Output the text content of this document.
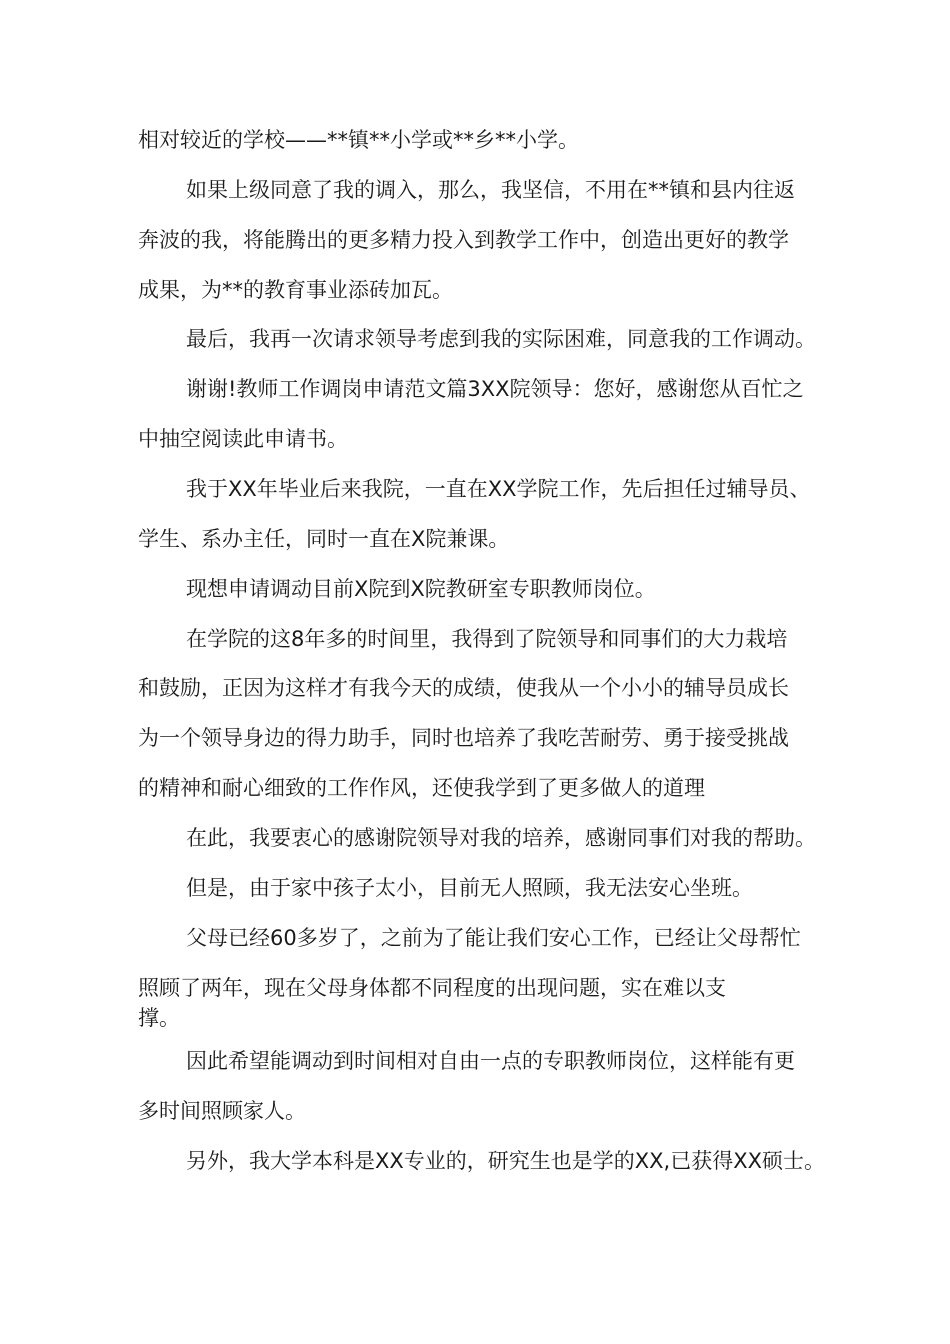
相对较近的学校——**镇**小学或**乡**小学。

如果上级同意了我的调入，那么，我坚信，不用在**镇和县内往返

奔波的我，将能腾出的更多精力投入到教学工作中，创造出更好的教学

成果，为**的教育事业添砖加瓦。

最后，我再一次请求领导考虑到我的实际困难，同意我的工作调动。

谢谢!教师工作调岗申请范文篇3XX院领导：您好，感谢您从百忙之

中抽空阅读此申请书。

我于XX年毕业后来我院，一直在XX学院工作，先后担任过辅导员、

学生、系办主任，同时一直在X院兼课。

现想申请调动目前X院到X院教研室专职教师岗位。

在学院的这8年多的时间里，我得到了院领导和同事们的大力栽培

和鼓励，正因为这样才有我今天的成绩，使我从一个小小的辅导员成长

为一个领导身边的得力助手，同时也培养了我吃苦耐劳、勇于接受挑战

的精神和耐心细致的工作作风，还使我学到了更多做人的道理

在此，我要衷心的感谢院领导对我的培养，感谢同事们对我的帮助。

但是，由于家中孩子太小，目前无人照顾，我无法安心坐班。

父母已经60多岁了，之前为了能让我们安心工作，已经让父母帮忙

照顾了两年，现在父母身体都不同程度的出现问题，实在难以支

撑。

因此希望能调动到时间相对自由一点的专职教师岗位，这样能有更

多时间照顾家人。

另外，我大学本科是XX专业的，研究生也是学的XX,已获得XX硕士。
